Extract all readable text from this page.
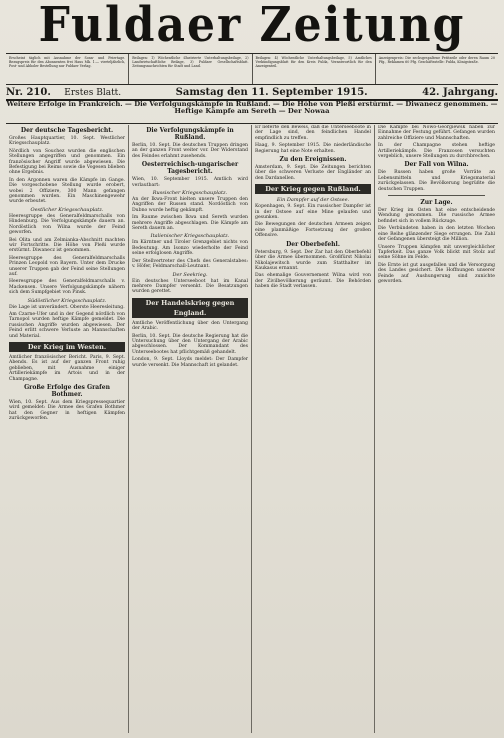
Fuldaer Zeitung
Erscheint täglich mit Ausnahme der Sonn- und Feiertage. Bezugspreis für den Abonnenten frei Haus Mk. 1.— vierteljährlich, Post- und Abholer Bestellung nur Fuldaer Verlag.
Beilagen: 1) Wöchentliche illustrierte Unterhaltungsbeilage, 2) Landwirtschaftliche Beilage, 3) Fuldaer Gesellschaftsblatt. Zeitungsnachrichten für Stadt und Land.
Beilagen: 4) Wöchentliche Unterhaltungsbeilage, 5) Amtliches Verkündigungsblatt für den Kreis Fulda, Verantwortlich für den Anzeigenteil.
Anzeigenpreis: Die sechsgespaltene Petitzeile oder deren Raum 20 Pfg., Reklamen 60 Pfg. Geschäftsstelle: Fulda, Königstraße.
Nr. 210. Erstes Blatt.	Samstag den 11. September 1915.	42. Jahrgang.
Weitere Erfolge in Frankreich. — Die Verfolgungskämpfe in Rußland. — Die Höhe von Pleßi erstürmt. — Diwanecz genommen. — Heftige Kämpfe am Sereth — Der Nowaa
Der deutsche Tagesbericht.

Großes Hauptquartier, 10. Sept. Westlicher Kriegsschauplatz.

Nördlich von Souchez wurden die englischen Stellungen angegriffen und genommen. Ein französischer Angriff wurde abgewiesen. Die Befestigung bei Reims sowie die Vogesen blieben ohne Ergebnis.

In den Argonnen waren die Kämpfe im Gange. Die vorgeschobene Stellung wurde erobert, wobei 2 Offiziere, 300 Mann gefangen genommen wurden. Ein Maschinengewehr wurde erbeutet.

Oestlicher Kriegsschauplatz.

Heeresgruppe des Generalfeldmarschalls von Hindenburg. Die Verfolgungskämpfe dauern an. Nordöstlich von Wilna wurde der Feind geworfen.

Bei Olita und am Zelmianka-Abschnitt machten wir Fortschritte. Die Höhe von Pleßi wurde erstürmt. Diwanecz ist genommen.

Heeresgruppe des Generalfeldmarschalls Prinzen Leopold von Bayern. Unter dem Drucke unserer Truppen gab der Feind seine Stellungen auf.

Heeresgruppe des Generalfeldmarschalls v. Mackensen. Unsere Verfolgungskämpfe nähern sich dem Sumpfgebiet von Pinsk.

Südöstlicher Kriegsschauplatz.

Die Lage ist unverändert. Oberste Heeresleitung.

Am Czarne-Ufer und in der Gegend nördlich von Tarnopol wurden heftige Kämpfe gemeldet. Die russischen Angriffe wurden abgewiesen. Der Feind erlitt schwere Verluste an Mannschaften und Material.

Der Krieg im Westen.

Amtlicher französischer Bericht. Paris, 9. Sept. Abends. Es ist auf der ganzen Front ruhig geblieben, mit Ausnahme einiger Artilleriekämpfe im Artois und in der Champagne.

Große Erfolge des Grafen Bothmer.

Wien, 10. Sept. Aus dem Kriegspressequartier wird gemeldet: Die Armee des Grafen Bothmer hat den Gegner in heftigen Kämpfen zurückgeworfen.

Die Verfolgungskämpfe in Rußland.

Berlin, 10. Sept. Die deutschen Truppen dringen an der ganzen Front weiter vor. Der Widerstand des Feindes erlahmt zusehends.

Oesterreichisch-ungarischer Tagesbericht.

Wien, 10. September 1915. Amtlich wird verlautbart:

Russischer Kriegsschauplatz.

An der Ikwa-Front hielten unsere Truppen den Angriffen der Russen stand. Nordöstlich von Dubno wurde heftig gekämpft.

Im Raume zwischen Ikwa und Sereth wurden mehrere Angriffe abgeschlagen. Die Kämpfe am Sereth dauern an.

Italienischer Kriegsschauplatz.

Im Kärntner und Tiroler Grenzgebiet nichts von Bedeutung. Am Isonzo wiederholte der Feind seine erfolglosen Angriffe.

Der Stellvertreter des Chefs des Generalstabes: v. Höfer, Feldmarschall-Leutnant.

Der Seekrieg.

Ein deutsches Unterseeboot hat im Kanal mehrere Dampfer versenkt. Die Besatzungen wurden gerettet.

Der Handelskrieg gegen England.

Amtliche Veröffentlichung über den Untergang der Arabic.

Berlin, 10. Sept. Die deutsche Regierung hat die Untersuchung über den Untergang der Arabic abgeschlossen. Der Kommandant des Unterseebootes hat pflichtgemäß gehandelt.

London, 9. Sept. Lloyds meldet: Der Dampfer wurde versenkt. Die Mannschaft ist gelandet.

Er lieferte den Beweis, daß die Unterseeboote in der Lage sind, den feindlichen Handel empfindlich zu treffen.

Haag, 9. September 1915. Die niederländische Regierung hat eine Note erhalten.

Zu den Ereignissen.

Amsterdam, 9. Sept. Die Zeitungen berichten über die schweren Verluste der Engländer an den Dardanellen.

Der Krieg gegen Rußland.
Ein Dampfer auf der Ostsee.

Kopenhagen, 9. Sept. Ein russischer Dampfer ist in der Ostsee auf eine Mine gelaufen und gesunken.

Die Bewegungen der deutschen Armeen zeigen eine planmäßige Fortsetzung der großen Offensive.

Der Oberbefehl.

Petersburg, 9. Sept. Der Zar hat den Oberbefehl über die Armee übernommen. Großfürst Nikolai Nikolajewitsch wurde zum Statthalter im Kaukasus ernannt.

Das ehemalige Gouvernement Wilna wird von der Zivilbevölkerung geräumt. Die Behörden haben die Stadt verlassen.

Die Kämpfe bei Nowo-Georgiewsk haben zur Einnahme der Festung geführt. Gefangen wurden zahlreiche Offiziere und Mannschaften.

In der Champagne stehen heftige Artilleriekämpfe. Die Franzosen versuchten vergeblich, unsere Stellungen zu durchbrechen.

Der Fall von Wilna.

Die Russen haben große Vorräte an Lebensmitteln und Kriegsmaterial zurückgelassen. Die Bevölkerung begrüßte die deutschen Truppen.

Zur Lage.

Der Krieg im Osten hat eine entscheidende Wendung genommen. Die russische Armee befindet sich in vollem Rückzuge.

Die Verbündeten haben in den letzten Wochen eine Reihe glänzender Siege errungen. Die Zahl der Gefangenen übersteigt die Million.

Unsere Truppen kämpfen mit unvergleichlicher Tapferkeit. Das ganze Volk blickt mit Stolz auf seine Söhne im Felde.

Die Ernte ist gut ausgefallen und die Versorgung des Landes gesichert. Die Hoffnungen unserer Feinde auf Aushungerung sind zunichte geworden.
